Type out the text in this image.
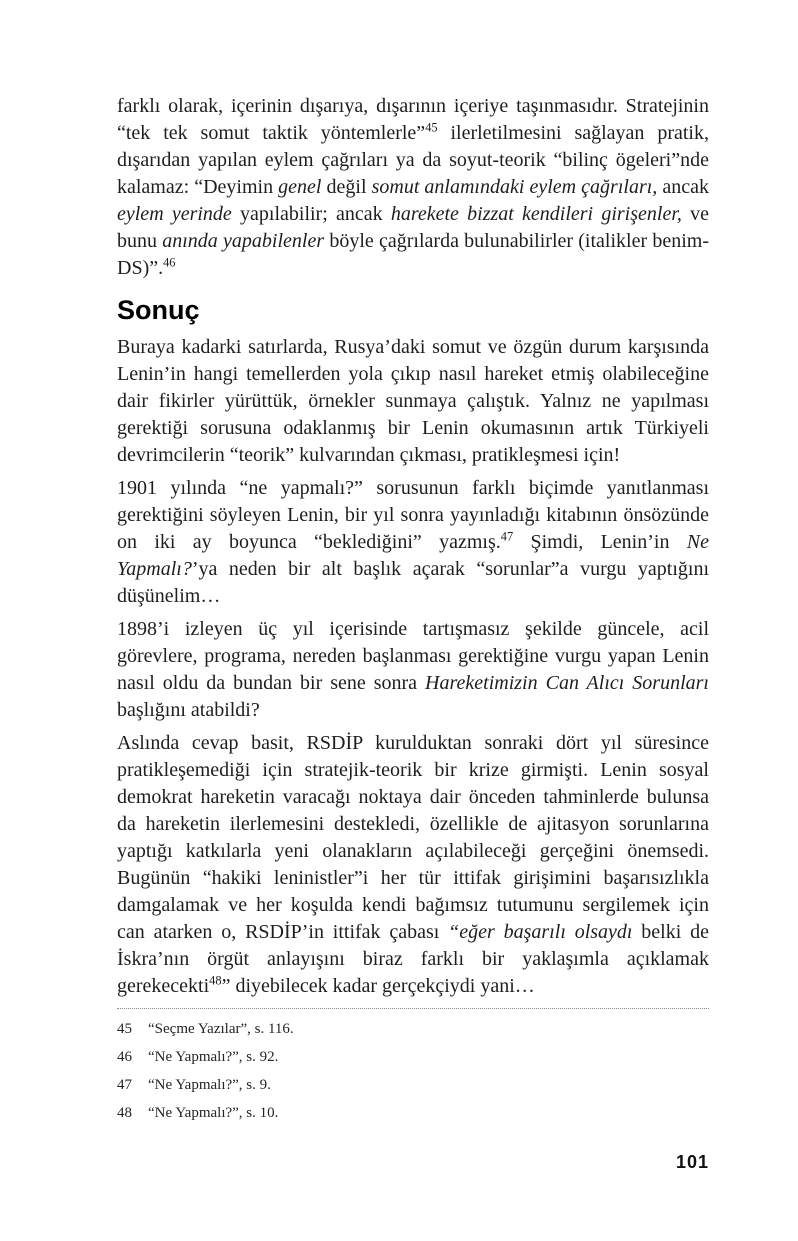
farklı olarak, içerinin dışarıya, dışarının içeriye taşınmasıdır. Stratejinin “tek tek somut taktik yöntemlerle”$^{45}$ ilerletilmesini sağlayan pratik, dışarıdan yapılan eylem çağrıları ya da soyut-teorik “bilinç ögeleri”nde kalamaz: “Deyimin genel değil somut anlamındaki eylem çağrıları, ancak eylem yerinde yapılabilir; ancak harekete bizzat kendileri girişenler, ve bunu anında yapabilenler böyle çağrılarda bulunabilirler (italikler benim-DS)”.$^{46}$

Sonuç

Buraya kadarki satırlarda, Rusya’daki somut ve özgün durum karşısında Lenin’in hangi temellerden yola çıkıp nasıl hareket etmiş olabileceğine dair fikirler yürüttük, örnekler sunmaya çalıştık. Yalnız ne yapılması gerektiği sorusuna odaklanmış bir Lenin okumasının artık Türkiyeli devrimcilerin “teorik” kulvarından çıkması, pratikleşmesi için!

1901 yılında “ne yapmalı?” sorusunun farklı biçimde yanıtlanması gerektiğini söyleyen Lenin, bir yıl sonra yayınladığı kitabının önsözünde on iki ay boyunca “beklediğini” yazmış.$^{47}$ Şimdi, Lenin’in Ne Yapmalı?’ya neden bir alt başlık açarak “sorunlar”a vurgu yaptığını düşünelim…

1898’i izleyen üç yıl içerisinde tartışmasız şekilde güncele, acil görevlere, programa, nereden başlanması gerektiğine vurgu yapan Lenin nasıl oldu da bundan bir sene sonra Hareketimizin Can Alıcı Sorunları başlığını atabildi?

Aslında cevap basit, RSDİP kurulduktan sonraki dört yıl süresince pratikleşemediği için stratejik-teorik bir krize girmişti. Lenin sosyal demokrat hareketin varacağı noktaya dair önceden tahminlerde bulunsa da hareketin ilerlemesini destekledi, özellikle de ajitasyon sorunlarına yaptığı katkılarla yeni olanakların açılabileceği gerçeğini önemsedi. Bugünün “hakiki leninistler”i her tür ittifak girişimini başarısızlıkla damgalamak ve her koşulda kendi bağımsız tutumunu sergilemek için can atarken o, RSDİP’in ittifak çabası “eğer başarılı olsaydı belki de İskra’nın örgüt anlayışını biraz farklı bir yaklaşımla açıklamak gerekecekti$^{48}$” diyebilecek kadar gerçekçiydi yani…

45	“Seçme Yazılar”, s. 116.
46	“Ne Yapmalı?”, s. 92.
47	“Ne Yapmalı?”, s. 9.
48	“Ne Yapmalı?”, s. 10.
101
